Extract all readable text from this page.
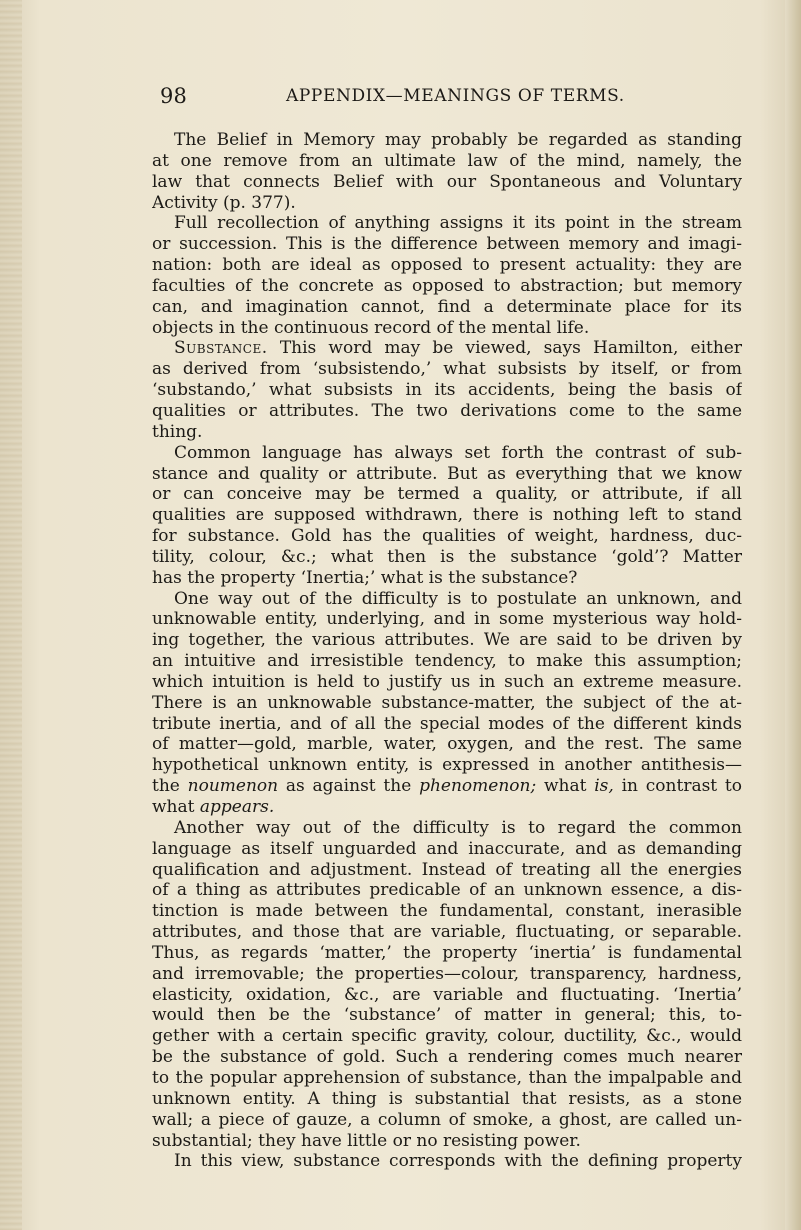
98	APPENDIX—MEANINGS OF TERMS.
The Belief in Memory may probably be regarded as standing
at one remove from an ultimate law of the mind, namely, the
law that connects Belief with our Spontaneous and Voluntary
Activity (p. 377).
Full recollection of anything assigns it its point in the stream
or succession. This is the difference between memory and imagi-
nation: both are ideal as opposed to present actuality: they are
faculties of the concrete as opposed to abstraction; but memory
can, and imagination cannot, find a determinate place for its
objects in the continuous record of the mental life.
Substance. This word may be viewed, says Hamilton, either
as derived from ‘subsistendo,’ what subsists by itself, or from
‘substando,’ what subsists in its accidents, being the basis of
qualities or attributes. The two derivations come to the same
thing.
Common language has always set forth the contrast of sub-
stance and quality or attribute. But as everything that we know
or can conceive may be termed a quality, or attribute, if all
qualities are supposed withdrawn, there is nothing left to stand
for substance. Gold has the qualities of weight, hardness, duc-
tility, colour, &c.; what then is the substance ‘gold’? Matter
has the property ‘Inertia;’ what is the substance?
One way out of the difficulty is to postulate an unknown, and
unknowable entity, underlying, and in some mysterious way hold-
ing together, the various attributes. We are said to be driven by
an intuitive and irresistible tendency, to make this assumption;
which intuition is held to justify us in such an extreme measure.
There is an unknowable substance-matter, the subject of the at-
tribute inertia, and of all the special modes of the different kinds
of matter—gold, marble, water, oxygen, and the rest. The same
hypothetical unknown entity, is expressed in another antithesis—
the noumenon as against the phenomenon; what is, in contrast to
what appears.
Another way out of the difficulty is to regard the common
language as itself unguarded and inaccurate, and as demanding
qualification and adjustment. Instead of treating all the energies
of a thing as attributes predicable of an unknown essence, a dis-
tinction is made between the fundamental, constant, inerasible
attributes, and those that are variable, fluctuating, or separable.
Thus, as regards ‘matter,’ the property ‘inertia’ is fundamental
and irremovable; the properties—colour, transparency, hardness,
elasticity, oxidation, &c., are variable and fluctuating. ‘Inertia’
would then be the ‘substance’ of matter in general; this, to-
gether with a certain specific gravity, colour, ductility, &c., would
be the substance of gold. Such a rendering comes much nearer
to the popular apprehension of substance, than the impalpable and
unknown entity. A thing is substantial that resists, as a stone
wall; a piece of gauze, a column of smoke, a ghost, are called un-
substantial; they have little or no resisting power.
In this view, substance corresponds with the defining property
